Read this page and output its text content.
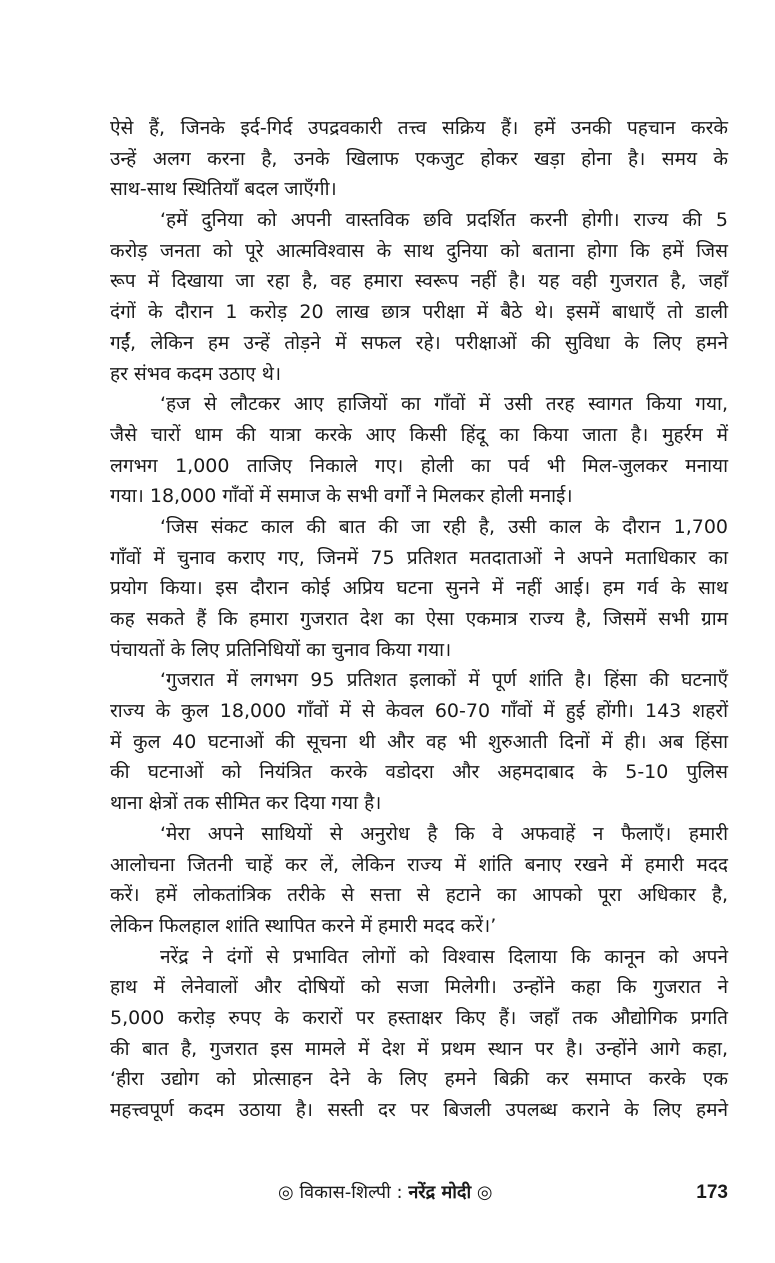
ऐसे हैं, जिनके इर्द-गिर्द उपद्रवकारी तत्त्व सक्रिय हैं। हमें उनकी पहचान करके
उन्हें अलग करना है, उनके खिलाफ एकजुट होकर खड़ा होना है। समय के
साथ-साथ स्थितियाँ बदल जाएँगी।
‘हमें दुनिया को अपनी वास्तविक छवि प्रदर्शित करनी होगी। राज्य की 5
करोड़ जनता को पूरे आत्मविश्वास के साथ दुनिया को बताना होगा कि हमें जिस
रूप में दिखाया जा रहा है, वह हमारा स्वरूप नहीं है। यह वही गुजरात है, जहाँ
दंगों के दौरान 1 करोड़ 20 लाख छात्र परीक्षा में बैठे थे। इसमें बाधाएँ तो डाली
गईं, लेकिन हम उन्हें तोड़ने में सफल रहे। परीक्षाओं की सुविधा के लिए हमने
हर संभव कदम उठाए थे।
‘हज से लौटकर आए हाजियों का गाँवों में उसी तरह स्वागत किया गया,
जैसे चारों धाम की यात्रा करके आए किसी हिंदू का किया जाता है। मुहर्रम में
लगभग 1,000 ताजिए निकाले गए। होली का पर्व भी मिल-जुलकर मनाया
गया। 18,000 गाँवों में समाज के सभी वर्गों ने मिलकर होली मनाई।
‘जिस संकट काल की बात की जा रही है, उसी काल के दौरान 1,700
गाँवों में चुनाव कराए गए, जिनमें 75 प्रतिशत मतदाताओं ने अपने मताधिकार का
प्रयोग किया। इस दौरान कोई अप्रिय घटना सुनने में नहीं आई। हम गर्व के साथ
कह सकते हैं कि हमारा गुजरात देश का ऐसा एकमात्र राज्य है, जिसमें सभी ग्राम
पंचायतों के लिए प्रतिनिधियों का चुनाव किया गया।
‘गुजरात में लगभग 95 प्रतिशत इलाकों में पूर्ण शांति है। हिंसा की घटनाएँ
राज्य के कुल 18,000 गाँवों में से केवल 60-70 गाँवों में हुई होंगी। 143 शहरों
में कुल 40 घटनाओं की सूचना थी और वह भी शुरुआती दिनों में ही। अब हिंसा
की घटनाओं को नियंत्रित करके वडोदरा और अहमदाबाद के 5-10 पुलिस
थाना क्षेत्रों तक सीमित कर दिया गया है।
‘मेरा अपने साथियों से अनुरोध है कि वे अफवाहें न फैलाएँ। हमारी
आलोचना जितनी चाहें कर लें, लेकिन राज्य में शांति बनाए रखने में हमारी मदद
करें। हमें लोकतांत्रिक तरीके से सत्ता से हटाने का आपको पूरा अधिकार है,
लेकिन फिलहाल शांति स्थापित करने में हमारी मदद करें।’
नरेंद्र ने दंगों से प्रभावित लोगों को विश्वास दिलाया कि कानून को अपने
हाथ में लेनेवालों और दोषियों को सजा मिलेगी। उन्होंने कहा कि गुजरात ने
5,000 करोड़ रुपए के करारों पर हस्ताक्षर किए हैं। जहाँ तक औद्योगिक प्रगति
की बात है, गुजरात इस मामले में देश में प्रथम स्थान पर है। उन्होंने आगे कहा,
‘हीरा उद्योग को प्रोत्साहन देने के लिए हमने बिक्री कर समाप्त करके एक
महत्त्वपूर्ण कदम उठाया है। सस्ती दर पर बिजली उपलब्ध कराने के लिए हमने
◎ विकास-शिल्पी : नरेंद्र मोदी ◎	173
